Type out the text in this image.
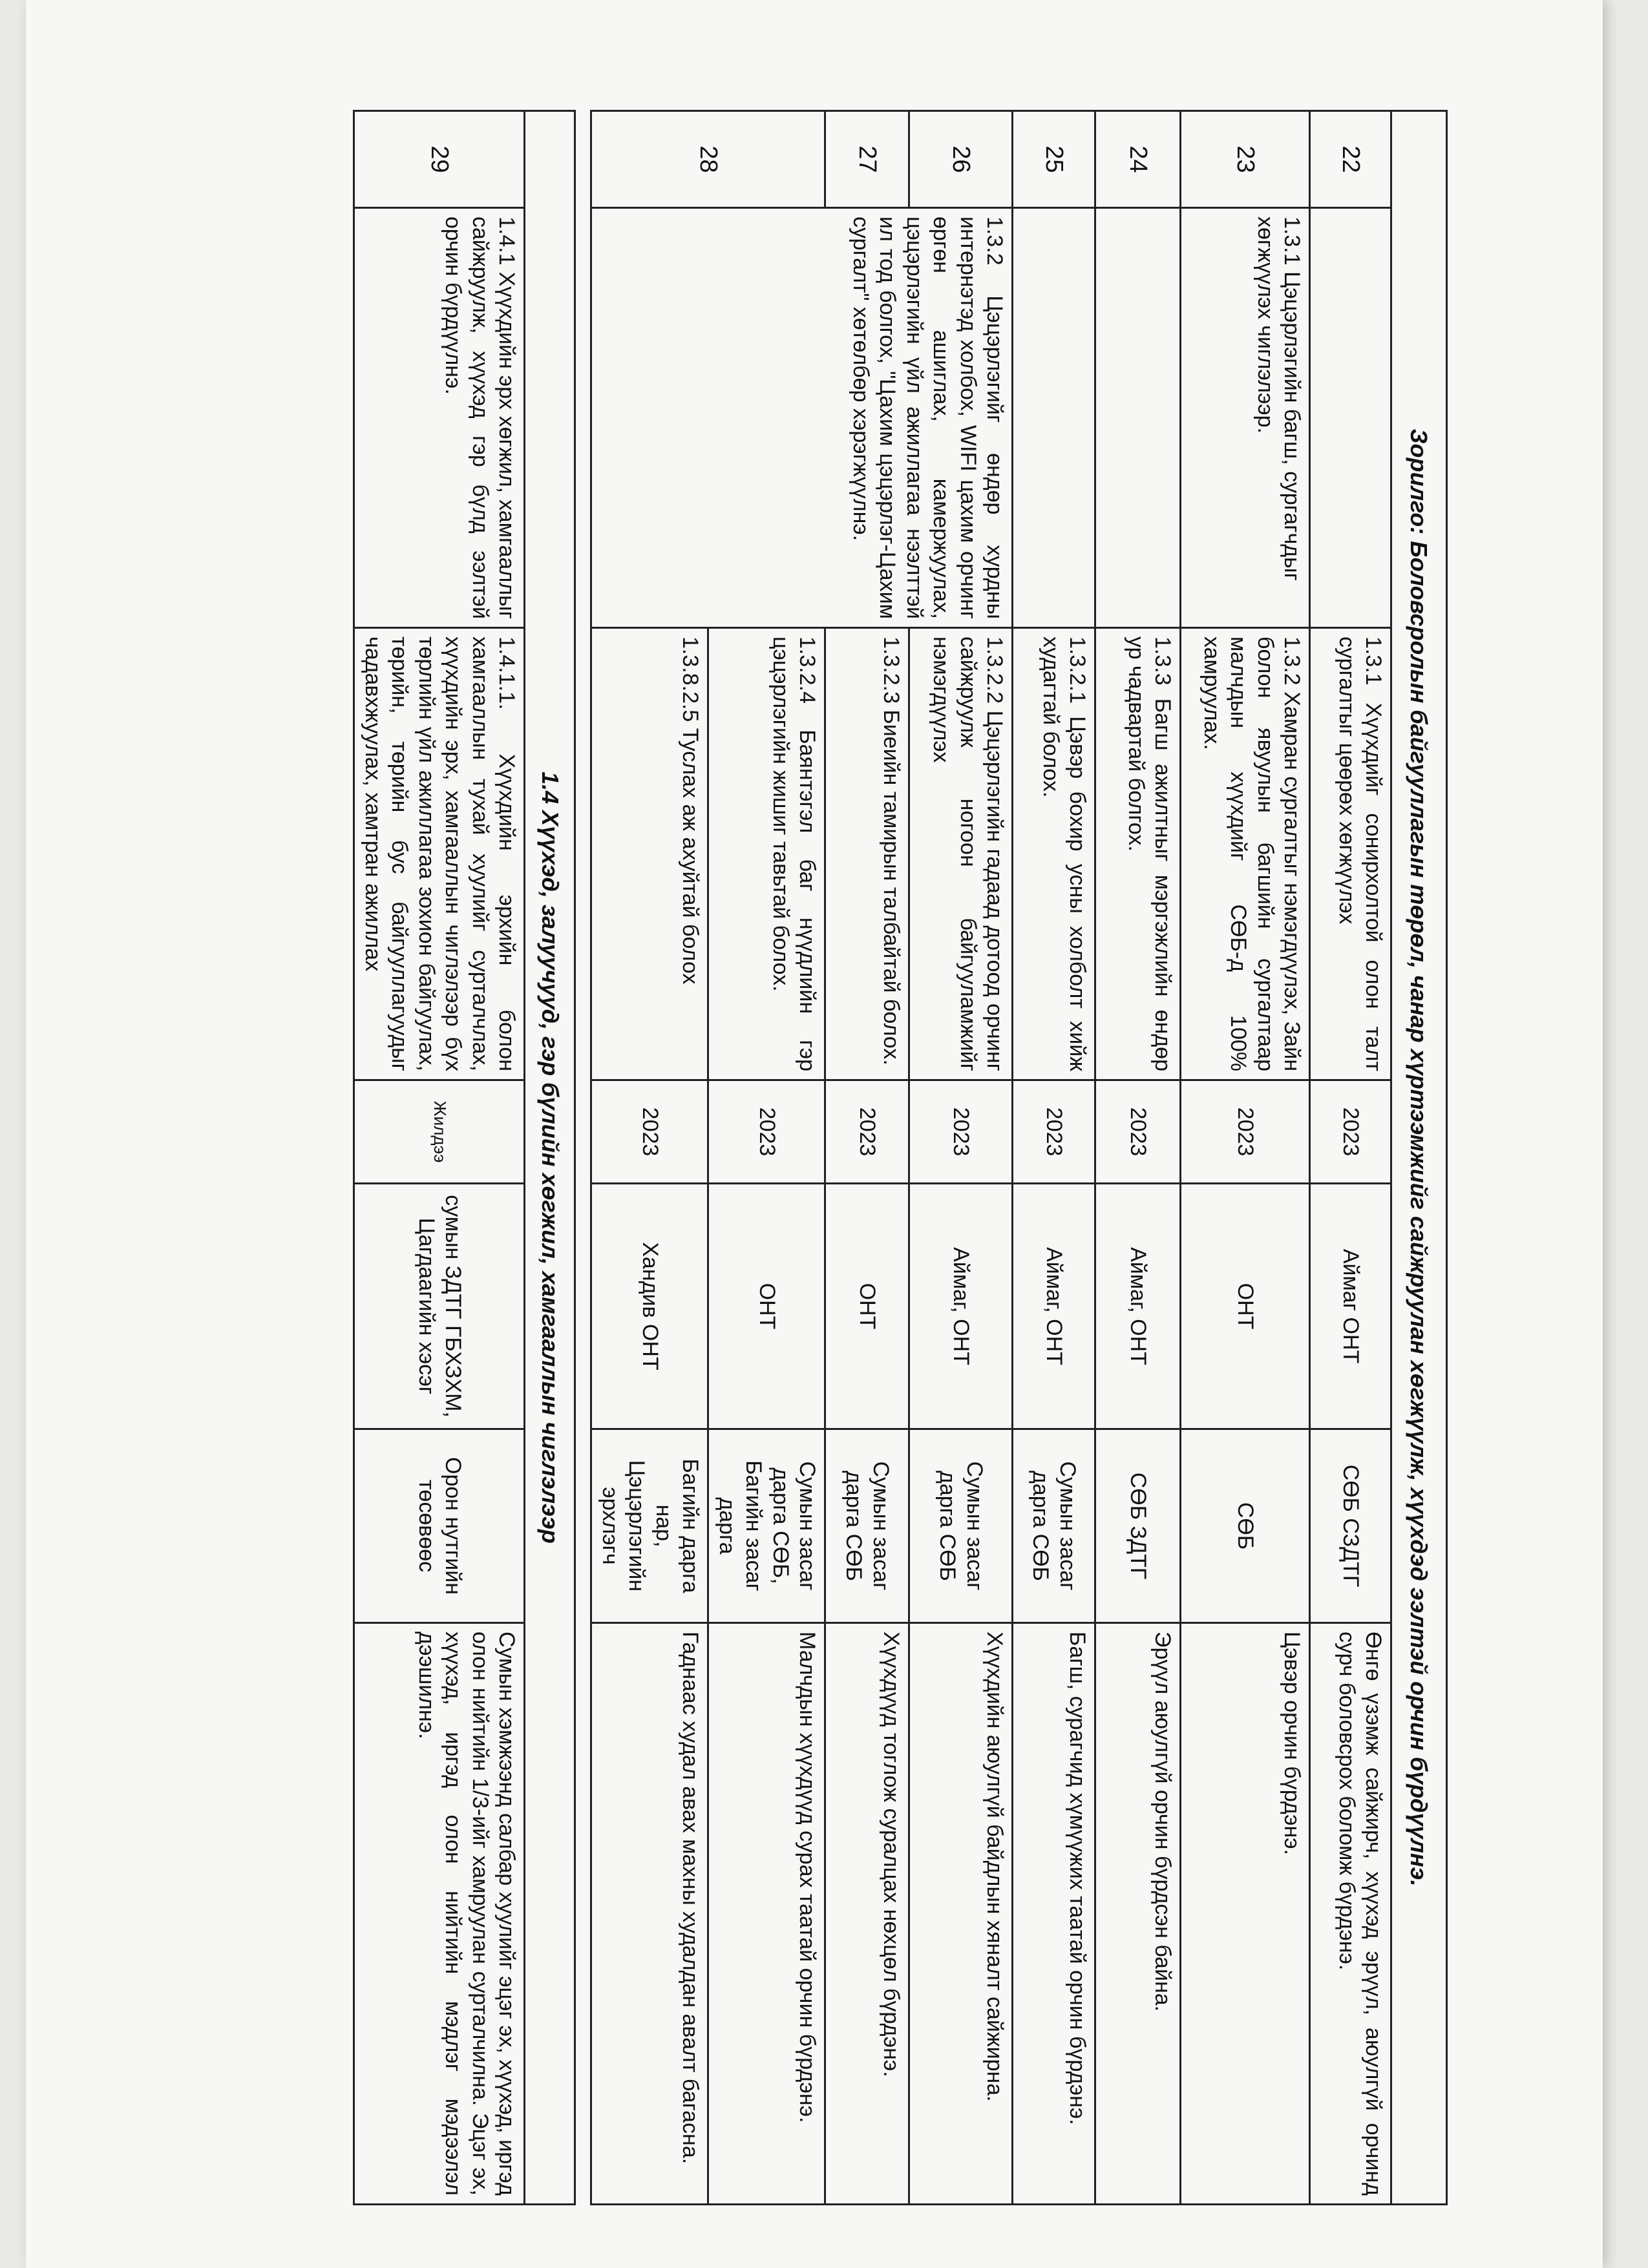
Зорилго: Боловсролын байгууллагын төрөл, чанар хүртээмжийг сайжруулан хөгжүүлж, хүүхдэд ээлтэй орчин бүрдүүлнэ.						
22		1.3.1 Хүүхдийг сонирхолтой олон талт сургалтыг цөөрөх хөгжүүлэх	2023	Аймаг ОНТ	СӨБ СЗДТГ	Өнгө үзэмж сайжирч, хүүхэд эрүүл, аюулгүй орчинд сурч боловсрох боломж бүрдэнэ.
23	1.3.1 Цэцэрлэгийн багш, сургагчдыг хөгжүүлэх чиглэлээр.	1.3.2 Хамран сургалтыг нэмэгдүүлэх, Зайн болон явуулын багшийн сургалтаар малчдын хүүхдийг СӨБ-д 100% хамруулах.	2023	ОНТ	СӨБ	Цэвэр орчин бүрдэнэ.
24		1.3.3 Багш ажилтныг мэргэжлийн өндөр ур чадвартай болгох.	2023	Аймаг, ОНТ	СӨБ ЗДТГ	Эрүүл аюулгүй орчин бүрдсэн байна.
25		1.3.2.1 Цэвэр бохир усны холболт хийж худагтай болох.	2023	Аймаг, ОНТ	Сумын засаг дарга СӨБ	Багш, сурагчид хүмүүжих таатай орчин бүрдэнэ.
26	1.3.2 Цэцэрлэгийг өндөр хурдны интернэтэд холбох, WIFI цахим орчинг өргөн ашиглах, камержуулах, цэцэрлэгийн үйл ажиллагаа нээлттэй ил тод болгох, "Цахим цэцэрлэг-Цахим сургалт" хөтөлбөр хэрэгжүүлнэ.	1.3.2.2 Цэцэрлэгийн гадаад дотоод орчинг сайжруулж ногоон байгууламжийг нэмэгдүүлэх	2023	Аймаг, ОНТ	Сумын засаг дарга СӨБ	Хүүхдийн аюулгүй байдлын хяналт сайжирна.
27		1.3.2.3 Биеийн тамирын талбайтай болох.	2023	ОНТ	Сумын засаг дарга СӨБ	Хүүхдүүд тоглож суралцах нөхцөл бүрдэнэ.
28		1.3.2.4 Баянтэгэл баг нүүдлийн гэр цэцэрлэгийн жишиг тавьтай болох.	2023	ОНТ	Сумын засаг дарга СӨБ, Багийн засаг дарга	Малчдын хүүхдүүд сурах таатай орчин бүрдэнэ.
		1.3.8.2.5 Туслах аж ахуйтай болох	2023	Хандив ОНТ	Багийн дарга нар, Цэцэрлэгийн эрхлэгч	Гаднаас худал авах махны худалдан авалт багасна.

1.4 Хүүхэд, залуучууд, гэр бүлийн хөгжил, хамгааллын чиглэлээр						
29	1.4.1 Хүүхдийн эрх хөгжил, хамгааллыг сайжруулж, хүүхэд гэр бүлд ээлтэй орчин бүрдүүлнэ.	1.4.1.1. Хүүхдийн эрхийн болон хамгааллын тухай хуулийг сурталчлах, хүүхдийн эрх, хамгааллын чиглэлээр бүх төрлийн үйл ажиллагаа зохион байгуулах, төрийн, төрийн бус байгууллагуудыг чадавхжуулах, хамтран ажиллах	Жилдээ	сумын ЗДТГ ГБХЗХМ, Цагдаагийн хэсэг	Орон нутгийн төсөвөөс	Сумын хэмжээнд салбар хуулийг эцэг эх, хүүхэд, иргэд олон нийтийн 1/3-ийг хамруулан сурталчилна. Эцэг эх, хүүхэд, иргэд олон нийтийн мэдлэг мэдээлэл дээшилнэ.
